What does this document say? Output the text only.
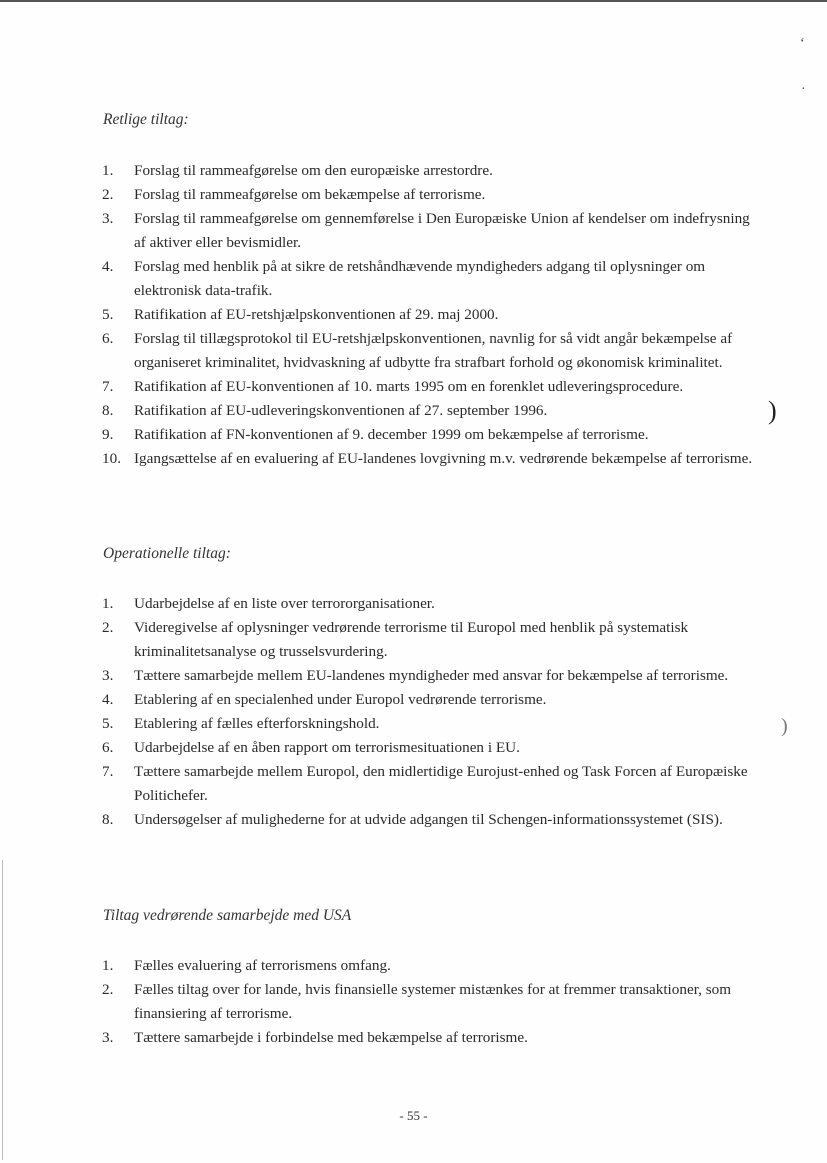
‘
·
)
)
Retlige tiltag:
1.	Forslag til rammeafgørelse om den europæiske arrestordre.
2.	Forslag til rammeafgørelse om bekæmpelse af terrorisme.
3.	Forslag til rammeafgørelse om gennemførelse i Den Europæiske Union af kendelser om indefrysning af aktiver eller bevismidler.
4.	Forslag med henblik på at sikre de retshåndhævende myndigheders adgang til oplysninger om elektronisk data-trafik.
5.	Ratifikation af EU-retshjælpskonventionen af 29. maj 2000.
6.	Forslag til tillægsprotokol til EU-retshjælpskonventionen, navnlig for så vidt angår bekæmpelse af organiseret kriminalitet, hvidvaskning af udbytte fra strafbart forhold og økonomisk kriminalitet.
7.	Ratifikation af EU-konventionen af 10. marts 1995 om en forenklet udleveringsprocedure.
8.	Ratifikation af EU-udleveringskonventionen af 27. september 1996.
9.	Ratifikation af FN-konventionen af 9. december 1999 om bekæmpelse af terrorisme.
10. Igangsættelse af en evaluering af EU-landenes lovgivning m.v. vedrørende bekæmpelse af terrorisme.
Operationelle tiltag:
1.	Udarbejdelse af en liste over terrororganisationer.
2.	Videregivelse af oplysninger vedrørende terrorisme til Europol med henblik på systematisk kriminalitetsanalyse og trusselsvurdering.
3.	Tættere samarbejde mellem EU-landenes myndigheder med ansvar for bekæmpelse af terrorisme.
4.	Etablering af en specialenhed under Europol vedrørende terrorisme.
5.	Etablering af fælles efterforskningshold.
6.	Udarbejdelse af en åben rapport om terrorismesituationen i EU.
7.	Tættere samarbejde mellem Europol, den midlertidige Eurojust-enhed og Task Forcen af Europæiske Politichefer.
8.	Undersøgelser af mulighederne for at udvide adgangen til Schengen-informationssystemet (SIS).
Tiltag vedrørende samarbejde med USA
1.	Fælles evaluering af terrorismens omfang.
2.	Fælles tiltag over for lande, hvis finansielle systemer mistænkes for at fremmer transaktioner, som finansiering af terrorisme.
3.	Tættere samarbejde i forbindelse med bekæmpelse af terrorisme.
- 55 -
